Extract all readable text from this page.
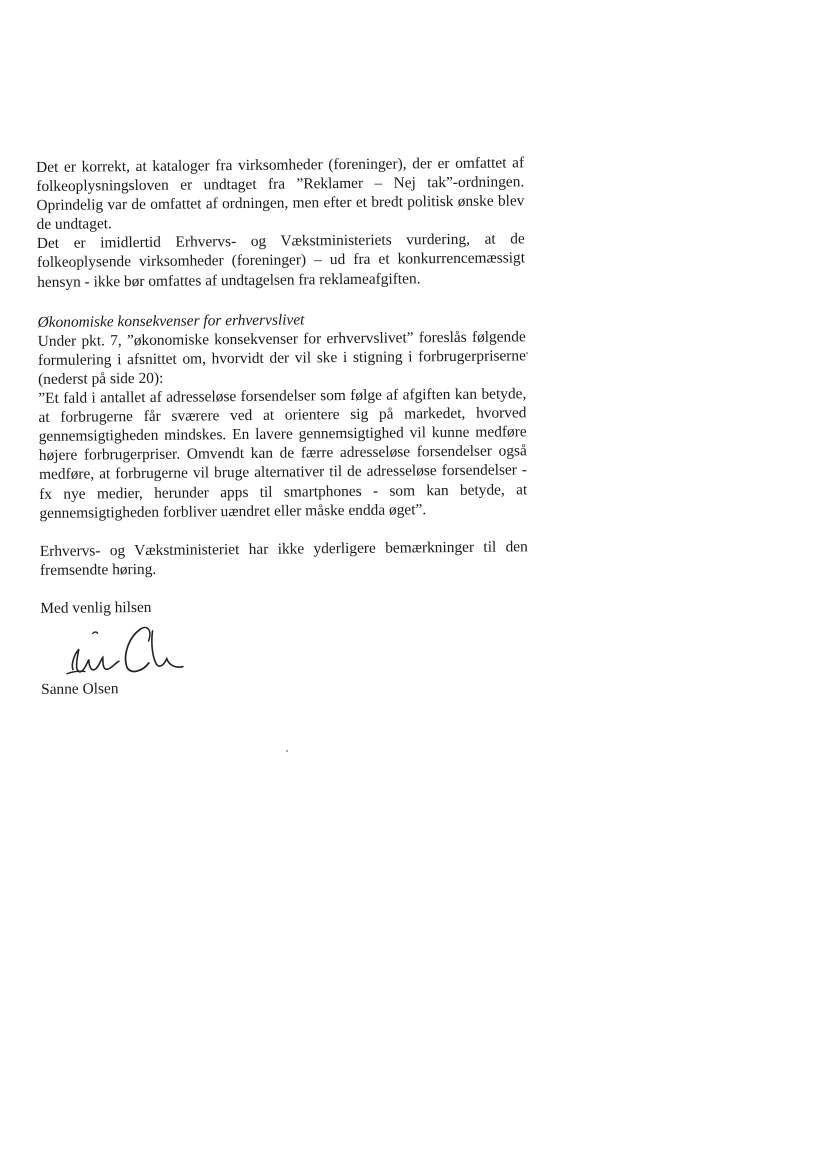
Det er korrekt, at kataloger fra virksomheder (foreninger), der er omfattet af folkeoplysningsloven er undtaget fra ”Reklamer – Nej tak”-ordningen. Oprindelig var de omfattet af ordningen, men efter et bredt politisk ønske blev de undtaget.

Det er imidlertid Erhvervs- og Vækstministeriets vurdering, at de folkeoplysende virksomheder (foreninger) – ud fra et konkurrencemæssigt hensyn - ikke bør omfattes af undtagelsen fra reklameafgiften.

Økonomiske konsekvenser for erhvervslivet

Under pkt. 7, ”økonomiske konsekvenser for erhvervslivet” foreslås følgende formulering i afsnittet om, hvorvidt der vil ske i stigning i forbrugerpriserne (nederst på side 20):

”Et fald i antallet af adresseløse forsendelser som følge af afgiften kan betyde, at forbrugerne får sværere ved at orientere sig på markedet, hvorved gennemsigtigheden mindskes. En lavere gennemsigtighed vil kunne medføre højere forbrugerpriser. Omvendt kan de færre adresseløse forsendelser også medføre, at forbrugerne vil bruge alternativer til de adresseløse forsendelser - fx nye medier, herunder apps til smartphones - som kan betyde, at gennemsigtigheden forbliver uændret eller måske endda øget”.

Erhvervs- og Vækstministeriet har ikke yderligere bemærkninger til den fremsendte høring.

Med venlig hilsen

Sanne Olsen
